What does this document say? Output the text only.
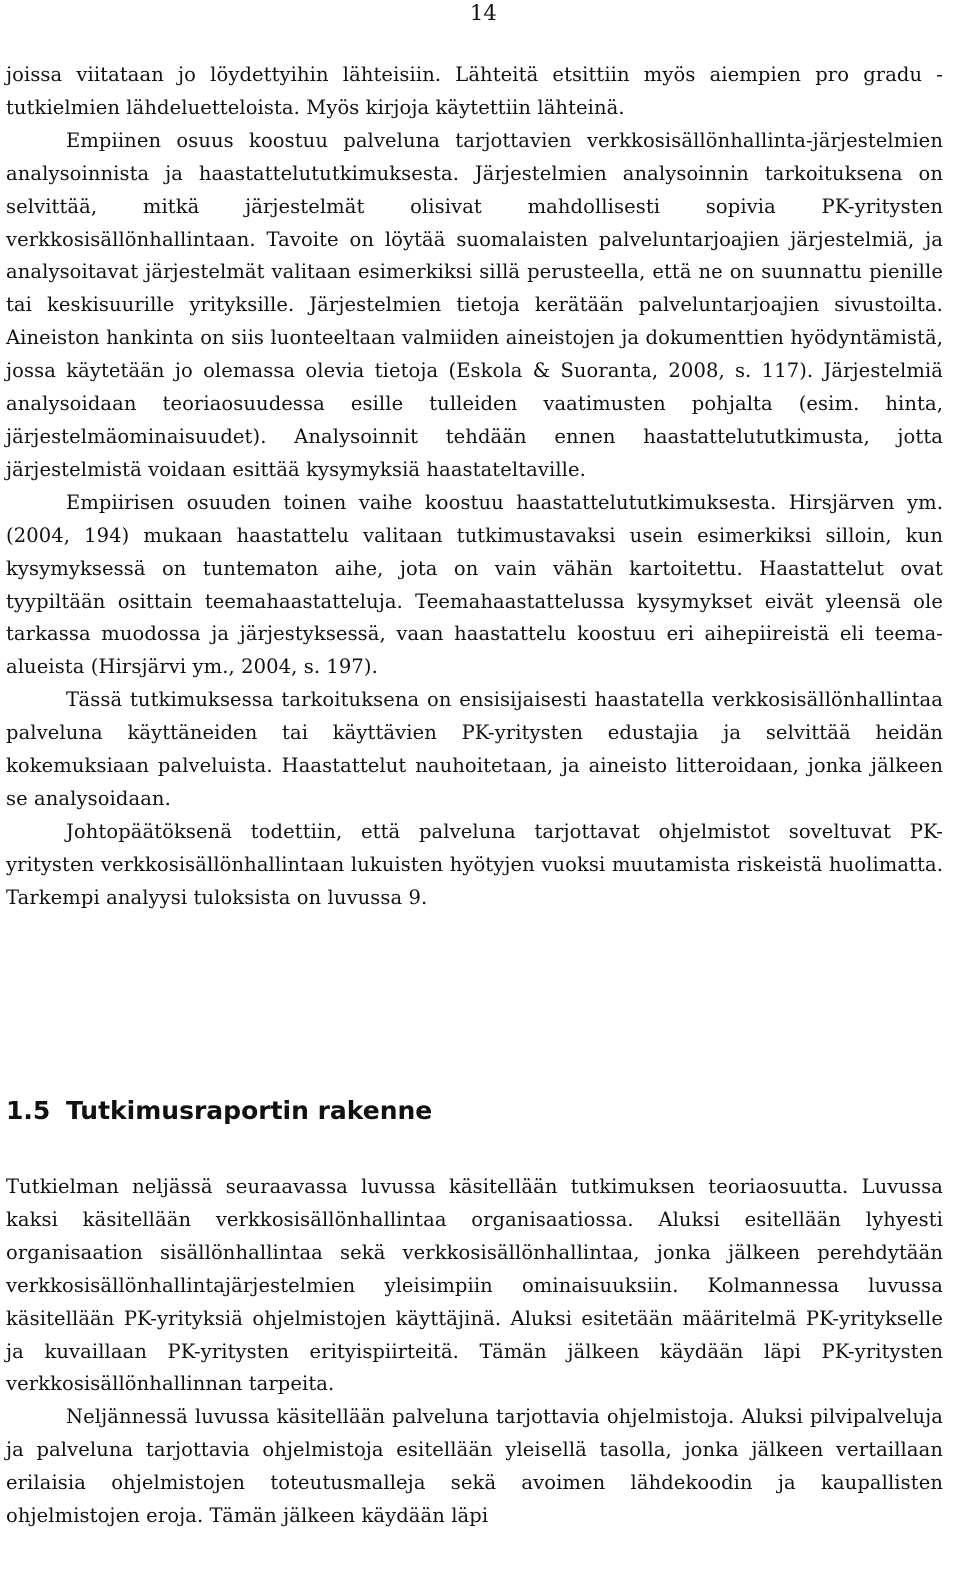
14

joissa viitataan jo löydettyihin lähteisiin. Lähteitä etsittiin myös aiempien pro gradu -tutkielmien lähdeluetteloista. Myös kirjoja käytettiin lähteinä.

Empiinen osuus koostuu palveluna tarjottavien verkkosisällönhallinta-järjestelmien analysoinnista ja haastattelututkimuksesta. Järjestelmien analysoinnin tarkoituksena on selvittää, mitkä järjestelmät olisivat mahdollisesti sopivia PK-yritysten verkkosisällönhallintaan. Tavoite on löytää suomalaisten palveluntarjoajien järjestelmiä, ja analysoitavat järjestelmät valitaan esimerkiksi sillä perusteella, että ne on suunnattu pienille tai keskisuurille yrityksille. Järjestelmien tietoja kerätään palveluntarjoajien sivustoilta. Aineiston hankinta on siis luonteeltaan valmiiden aineistojen ja dokumenttien hyödyntämistä, jossa käytetään jo olemassa olevia tietoja (Eskola & Suoranta, 2008, s. 117). Järjestelmiä analysoidaan teoriaosuudessa esille tulleiden vaatimusten pohjalta (esim. hinta, järjestelmäominaisuudet). Analysoinnit tehdään ennen haastattelututkimusta, jotta järjestelmistä voidaan esittää kysymyksiä haastateltaville.

Empiirisen osuuden toinen vaihe koostuu haastattelututkimuksesta. Hirsjärven ym. (2004, 194) mukaan haastattelu valitaan tutkimustavaksi usein esimerkiksi silloin, kun kysymyksessä on tuntematon aihe, jota on vain vähän kartoitettu. Haastattelut ovat tyypiltään osittain teemahaastatteluja. Teemahaastattelussa kysymykset eivät yleensä ole tarkassa muodossa ja järjestyksessä, vaan haastattelu koostuu eri aihepiireistä eli teema-alueista (Hirsjärvi ym., 2004, s. 197).

Tässä tutkimuksessa tarkoituksena on ensisijaisesti haastatella verkkosisällönhallintaa palveluna käyttäneiden tai käyttävien PK-yritysten edustajia ja selvittää heidän kokemuksiaan palveluista. Haastattelut nauhoitetaan, ja aineisto litteroidaan, jonka jälkeen se analysoidaan.

Johtopäätöksenä todettiin, että palveluna tarjottavat ohjelmistot soveltuvat PK-yritysten verkkosisällönhallintaan lukuisten hyötyjen vuoksi muutamista riskeistä huolimatta. Tarkempi analyysi tuloksista on luvussa 9.

1.5 Tutkimusraportin rakenne

Tutkielman neljässä seuraavassa luvussa käsitellään tutkimuksen teoriaosuutta. Luvussa kaksi käsitellään verkkosisällönhallintaa organisaatiossa. Aluksi esitellään lyhyesti organisaation sisällönhallintaa sekä verkkosisällönhallintaa, jonka jälkeen perehdytään verkkosisällönhallintajärjestelmien yleisimpiin ominaisuuksiin. Kolmannessa luvussa käsitellään PK-yrityksiä ohjelmistojen käyttäjinä. Aluksi esitetään määritelmä PK-yritykselle ja kuvaillaan PK-yritysten erityispiirteitä. Tämän jälkeen käydään läpi PK-yritysten verkkosisällönhallinnan tarpeita.

Neljännessä luvussa käsitellään palveluna tarjottavia ohjelmistoja. Aluksi pilvipalveluja ja palveluna tarjottavia ohjelmistoja esitellään yleisellä tasolla, jonka jälkeen vertaillaan erilaisia ohjelmistojen toteutusmalleja sekä avoimen lähdekoodin ja kaupallisten ohjelmistojen eroja. Tämän jälkeen käydään läpi
